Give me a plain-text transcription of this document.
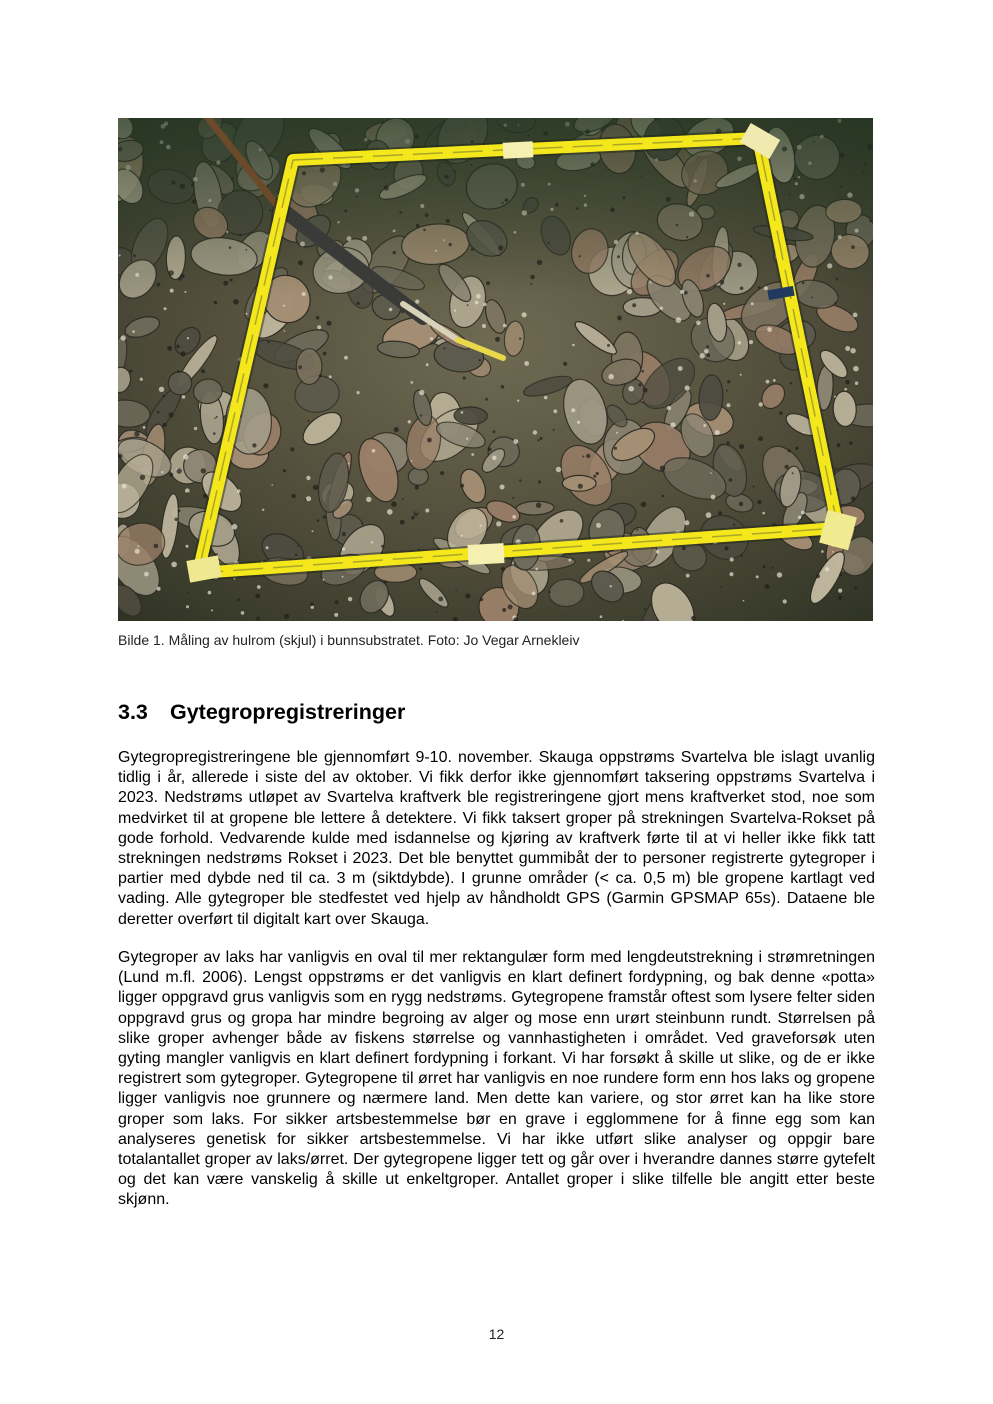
Bilde 1. Måling av hulrom (skjul) i bunnsubstratet. Foto: Jo Vegar Arnekleiv
3.3 Gytegropregistreringer

Gytegropregistreringene ble gjennomført 9-10. november. Skauga oppstrøms Svartelva ble islagt uvanlig tidlig i år, allerede i siste del av oktober. Vi fikk derfor ikke gjennomført taksering oppstrøms Svartelva i 2023. Nedstrøms utløpet av Svartelva kraftverk ble registreringene gjort mens kraftverket stod, noe som medvirket til at gropene ble lettere å detektere. Vi fikk taksert groper på strekningen Svartelva-Rokset på gode forhold. Vedvarende kulde med isdannelse og kjøring av kraftverk førte til at vi heller ikke fikk tatt strekningen nedstrøms Rokset i 2023. Det ble benyttet gummibåt der to personer registrerte gytegroper i partier med dybde ned til ca. 3 m (siktdybde). I grunne områder (< ca. 0,5 m) ble gropene kartlagt ved vading. Alle gytegroper ble stedfestet ved hjelp av håndholdt GPS (Garmin GPSMAP 65s). Dataene ble deretter overført til digitalt kart over Skauga.

Gytegroper av laks har vanligvis en oval til mer rektangulær form med lengdeutstrekning i strømretningen (Lund m.fl. 2006). Lengst oppstrøms er det vanligvis en klart definert fordypning, og bak denne «potta» ligger oppgravd grus vanligvis som en rygg nedstrøms. Gytegropene framstår oftest som lysere felter siden oppgravd grus og gropa har mindre begroing av alger og mose enn urørt steinbunn rundt. Størrelsen på slike groper avhenger både av fiskens størrelse og vannhastigheten i området. Ved graveforsøk uten gyting mangler vanligvis en klart definert fordypning i forkant. Vi har forsøkt å skille ut slike, og de er ikke registrert som gytegroper. Gytegropene til ørret har vanligvis en noe rundere form enn hos laks og gropene ligger vanligvis noe grunnere og nærmere land. Men dette kan variere, og stor ørret kan ha like store groper som laks. For sikker artsbestemmelse bør en grave i egglommene for å finne egg som kan analyseres genetisk for sikker artsbestemmelse. Vi har ikke utført slike analyser og oppgir bare totalantallet groper av laks/ørret. Der gytegropene ligger tett og går over i hverandre dannes større gytefelt og det kan være vanskelig å skille ut enkeltgroper. Antallet groper i slike tilfelle ble angitt etter beste skjønn.

12
